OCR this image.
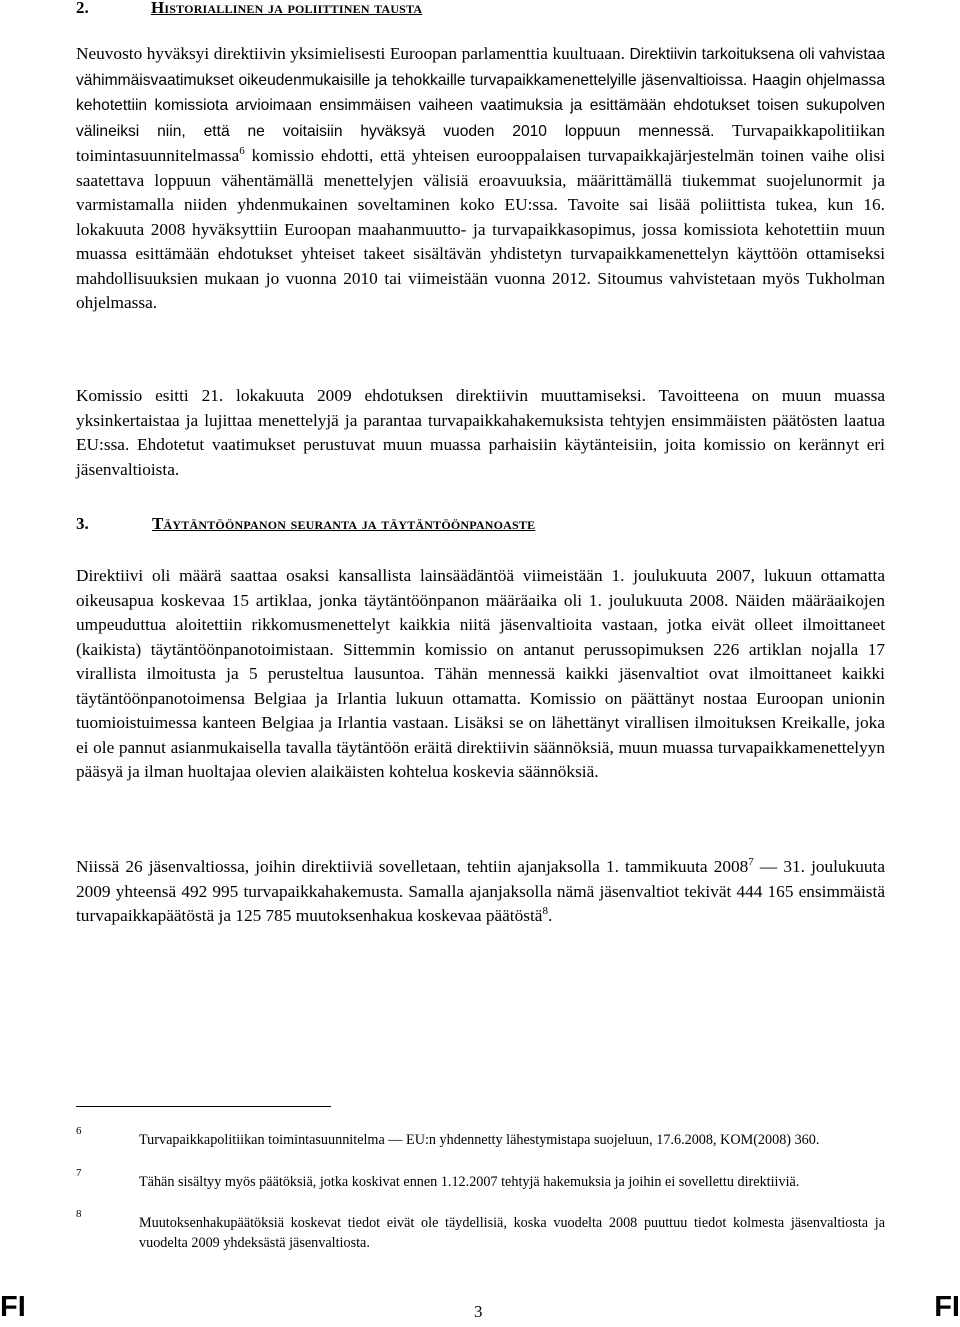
2.	Historiallinen ja poliittinen tausta

Neuvosto hyväksyi direktiivin yksimielisesti Euroopan parlamenttia kuultuaan. Direktiivin tarkoituksena oli vahvistaa vähimmäisvaatimukset oikeudenmukaisille ja tehokkaille turvapaikkamenettelyille jäsenvaltioissa. Haagin ohjelmassa kehotettiin komissiota arvioimaan ensimmäisen vaiheen vaatimuksia ja esittämään ehdotukset toisen sukupolven välineiksi niin, että ne voitaisiin hyväksyä vuoden 2010 loppuun mennessä. Turvapaikkapolitiikan toimintasuunnitelmassa$^6$ komissio ehdotti, että yhteisen eurooppalaisen turvapaikkajärjestelmän toinen vaihe olisi saatettava loppuun vähentämällä menettelyjen välisiä eroavuuksia, määrittämällä tiukemmat suojelunormit ja varmistamalla niiden yhdenmukainen soveltaminen koko EU:ssa. Tavoite sai lisää poliittista tukea, kun 16. lokakuuta 2008 hyväksyttiin Euroopan maahanmuutto- ja turvapaikkasopimus, jossa komissiota kehotettiin muun muassa esittämään ehdotukset yhteiset takeet sisältävän yhdistetyn turvapaikkamenettelyn käyttöön ottamiseksi mahdollisuuksien mukaan jo vuonna 2010 tai viimeistään vuonna 2012. Sitoumus vahvistetaan myös Tukholman ohjelmassa.

Komissio esitti 21. lokakuuta 2009 ehdotuksen direktiivin muuttamiseksi. Tavoitteena on muun muassa yksinkertaistaa ja lujittaa menettelyjä ja parantaa turvapaikkahakemuksista tehtyjen ensimmäisten päätösten laatua EU:ssa. Ehdotetut vaatimukset perustuvat muun muassa parhaisiin käytänteisiin, joita komissio on kerännyt eri jäsenvaltioista.

3.	Täytäntöönpanon seuranta ja täytäntöönpanoaste

Direktiivi oli määrä saattaa osaksi kansallista lainsäädäntöä viimeistään 1. joulukuuta 2007, lukuun ottamatta oikeusapua koskevaa 15 artiklaa, jonka täytäntöönpanon määräaika oli 1. joulukuuta 2008. Näiden määräaikojen umpeuduttua aloitettiin rikkomusmenettelyt kaikkia niitä jäsenvaltioita vastaan, jotka eivät olleet ilmoittaneet (kaikista) täytäntöönpanotoimistaan. Sittemmin komissio on antanut perussopimuksen 226 artiklan nojalla 17 virallista ilmoitusta ja 5 perusteltua lausuntoa. Tähän mennessä kaikki jäsenvaltiot ovat ilmoittaneet kaikki täytäntöönpanotoimensa Belgiaa ja Irlantia lukuun ottamatta. Komissio on päättänyt nostaa Euroopan unionin tuomioistuimessa kanteen Belgiaa ja Irlantia vastaan. Lisäksi se on lähettänyt virallisen ilmoituksen Kreikalle, joka ei ole pannut asianmukaisella tavalla täytäntöön eräitä direktiivin säännöksiä, muun muassa turvapaikkamenettelyyn pääsyä ja ilman huoltajaa olevien alaikäisten kohtelua koskevia säännöksiä.

Niissä 26 jäsenvaltiossa, joihin direktiiviä sovelletaan, tehtiin ajanjaksolla 1. tammikuuta 2008$^7$ — 31. joulukuuta 2009 yhteensä 492 995 turvapaikkahakemusta. Samalla ajanjaksolla nämä jäsenvaltiot tekivät 444 165 ensimmäistä turvapaikkapäätöstä ja 125 785 muutoksenhakua koskevaa päätöstä$^8$.

6
Turvapaikkapolitiikan toimintasuunnitelma — EU:n yhdennetty lähestymistapa suojeluun, 17.6.2008, KOM(2008) 360.
7
Tähän sisältyy myös päätöksiä, jotka koskivat ennen 1.12.2007 tehtyjä hakemuksia ja joihin ei sovellettu direktiiviä.
8
Muutoksenhakupäätöksiä koskevat tiedot eivät ole täydellisiä, koska vuodelta 2008 puuttuu tiedot kolmesta jäsenvaltiosta ja vuodelta 2009 yhdeksästä jäsenvaltiosta.
FI	3	FI
